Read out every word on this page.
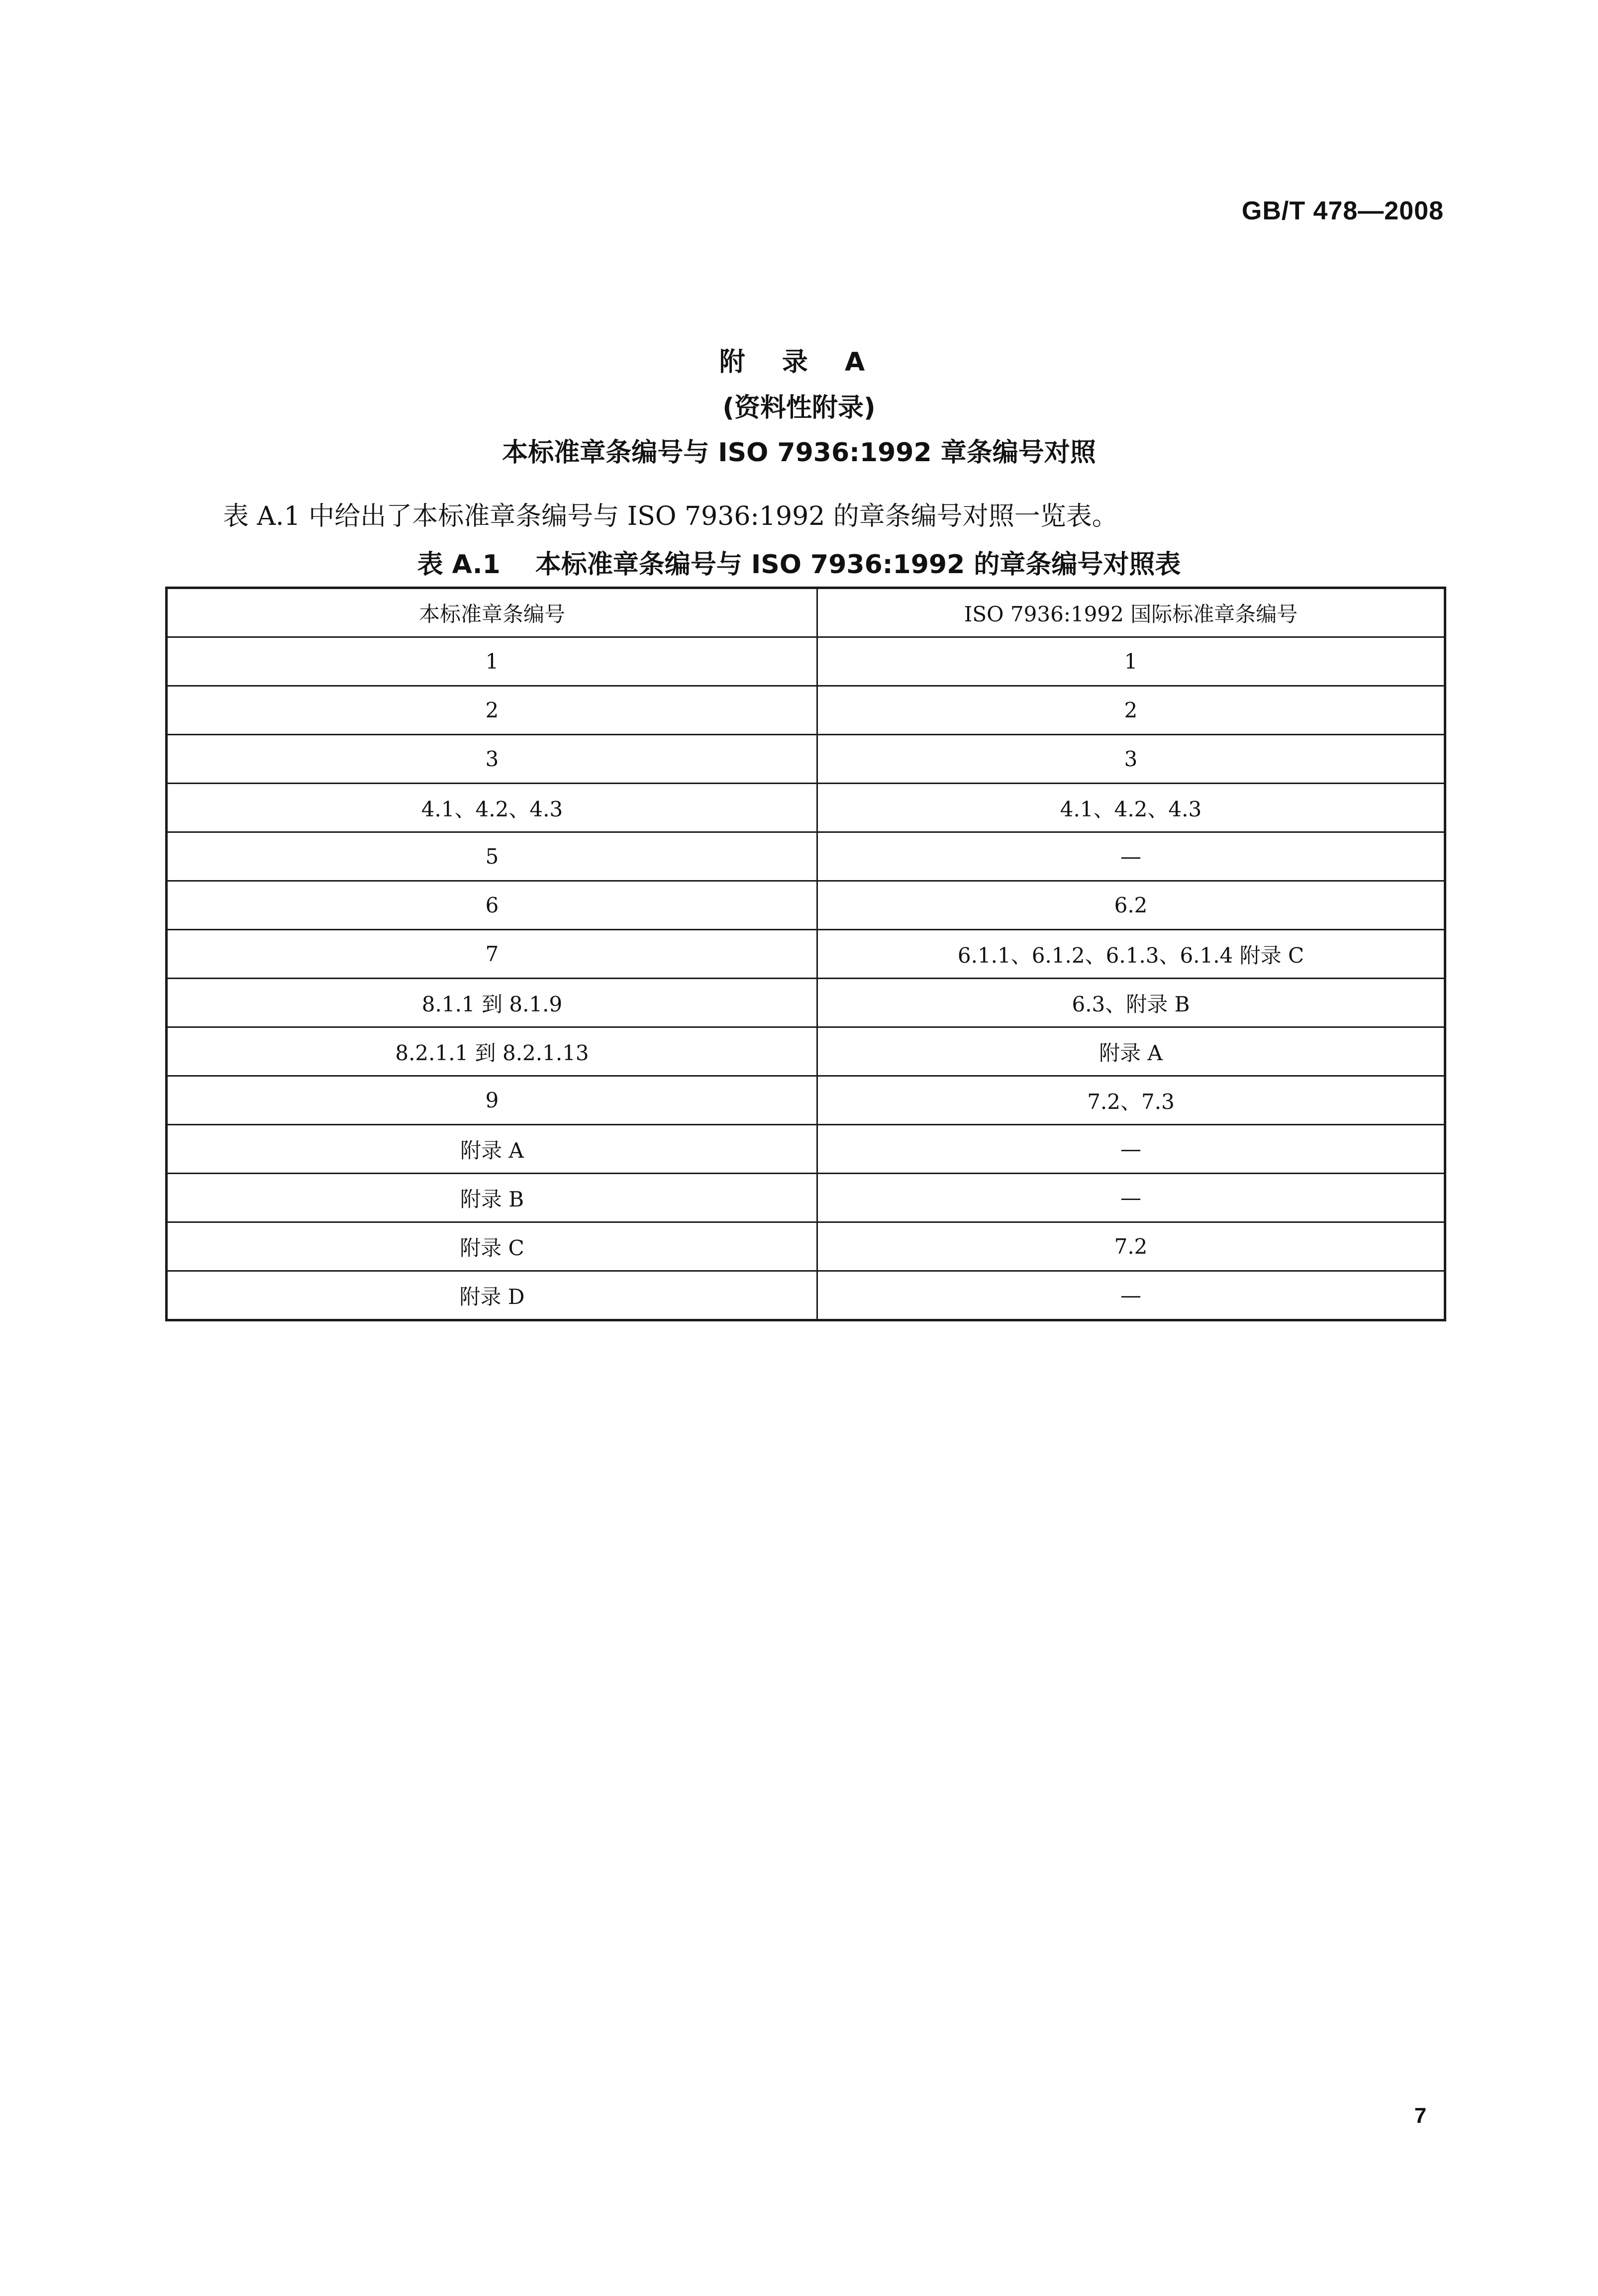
GB/T 478—2008
附 录 A
(资料性附录)
本标准章条编号与 ISO 7936:1992 章条编号对照
表 A.1 中给出了本标准章条编号与 ISO 7936:1992 的章条编号对照一览表。
表 A.1 本标准章条编号与 ISO 7936:1992 的章条编号对照表
本标准章条编号	ISO 7936:1992 国际标准章条编号
1	1
2	2
3	3
4.1、4.2、4.3	4.1、4.2、4.3
5	—
6	6.2
7	6.1.1、6.1.2、6.1.3、6.1.4 附录 C
8.1.1 到 8.1.9	6.3、附录 B
8.2.1.1 到 8.2.1.13	附录 A
9	7.2、7.3
附录 A	—
附录 B	—
附录 C	7.2
附录 D	—
7
